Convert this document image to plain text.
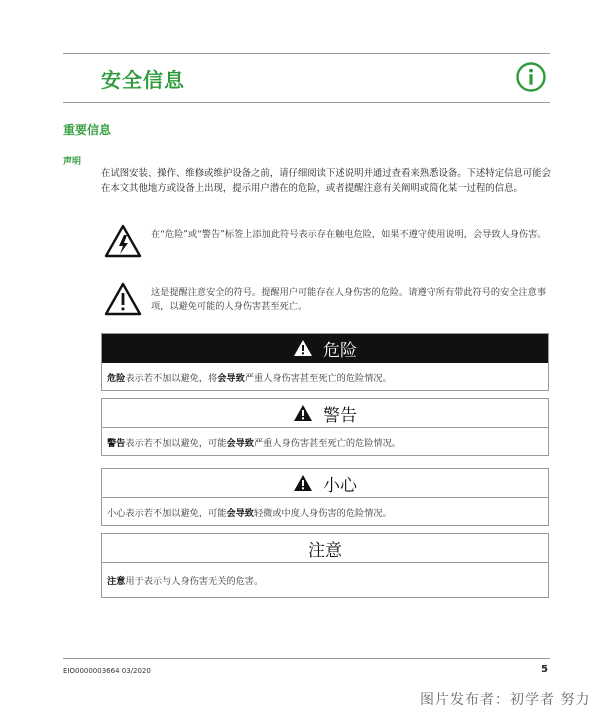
安全信息
重要信息
声明
在试图安装、操作、维修或维护设备之前，请仔细阅读下述说明并通过查看来熟悉设备。下述特定信息可能会在本文其他地方或设备上出现，提示用户潜在的危险，或者提醒注意有关阐明或简化某一过程的信息。
在“危险”或“警告”标签上添加此符号表示存在触电危险，如果不遵守使用说明，会导致人身伤害。
这是提醒注意安全的符号。提醒用户可能存在人身伤害的危险。请遵守所有带此符号的安全注意事项，以避免可能的人身伤害甚至死亡。
危险
危险表示若不加以避免，将会导致严重人身伤害甚至死亡的危险情况。
警告
警告表示若不加以避免，可能会导致严重人身伤害甚至死亡的危险情况。
小心
小心表示若不加以避免，可能会导致轻微或中度人身伤害的危险情况。
注意
注意用于表示与人身伤害无关的危害。
EIO0000003664 03/2020	5
图片发布者：初学者 努力
